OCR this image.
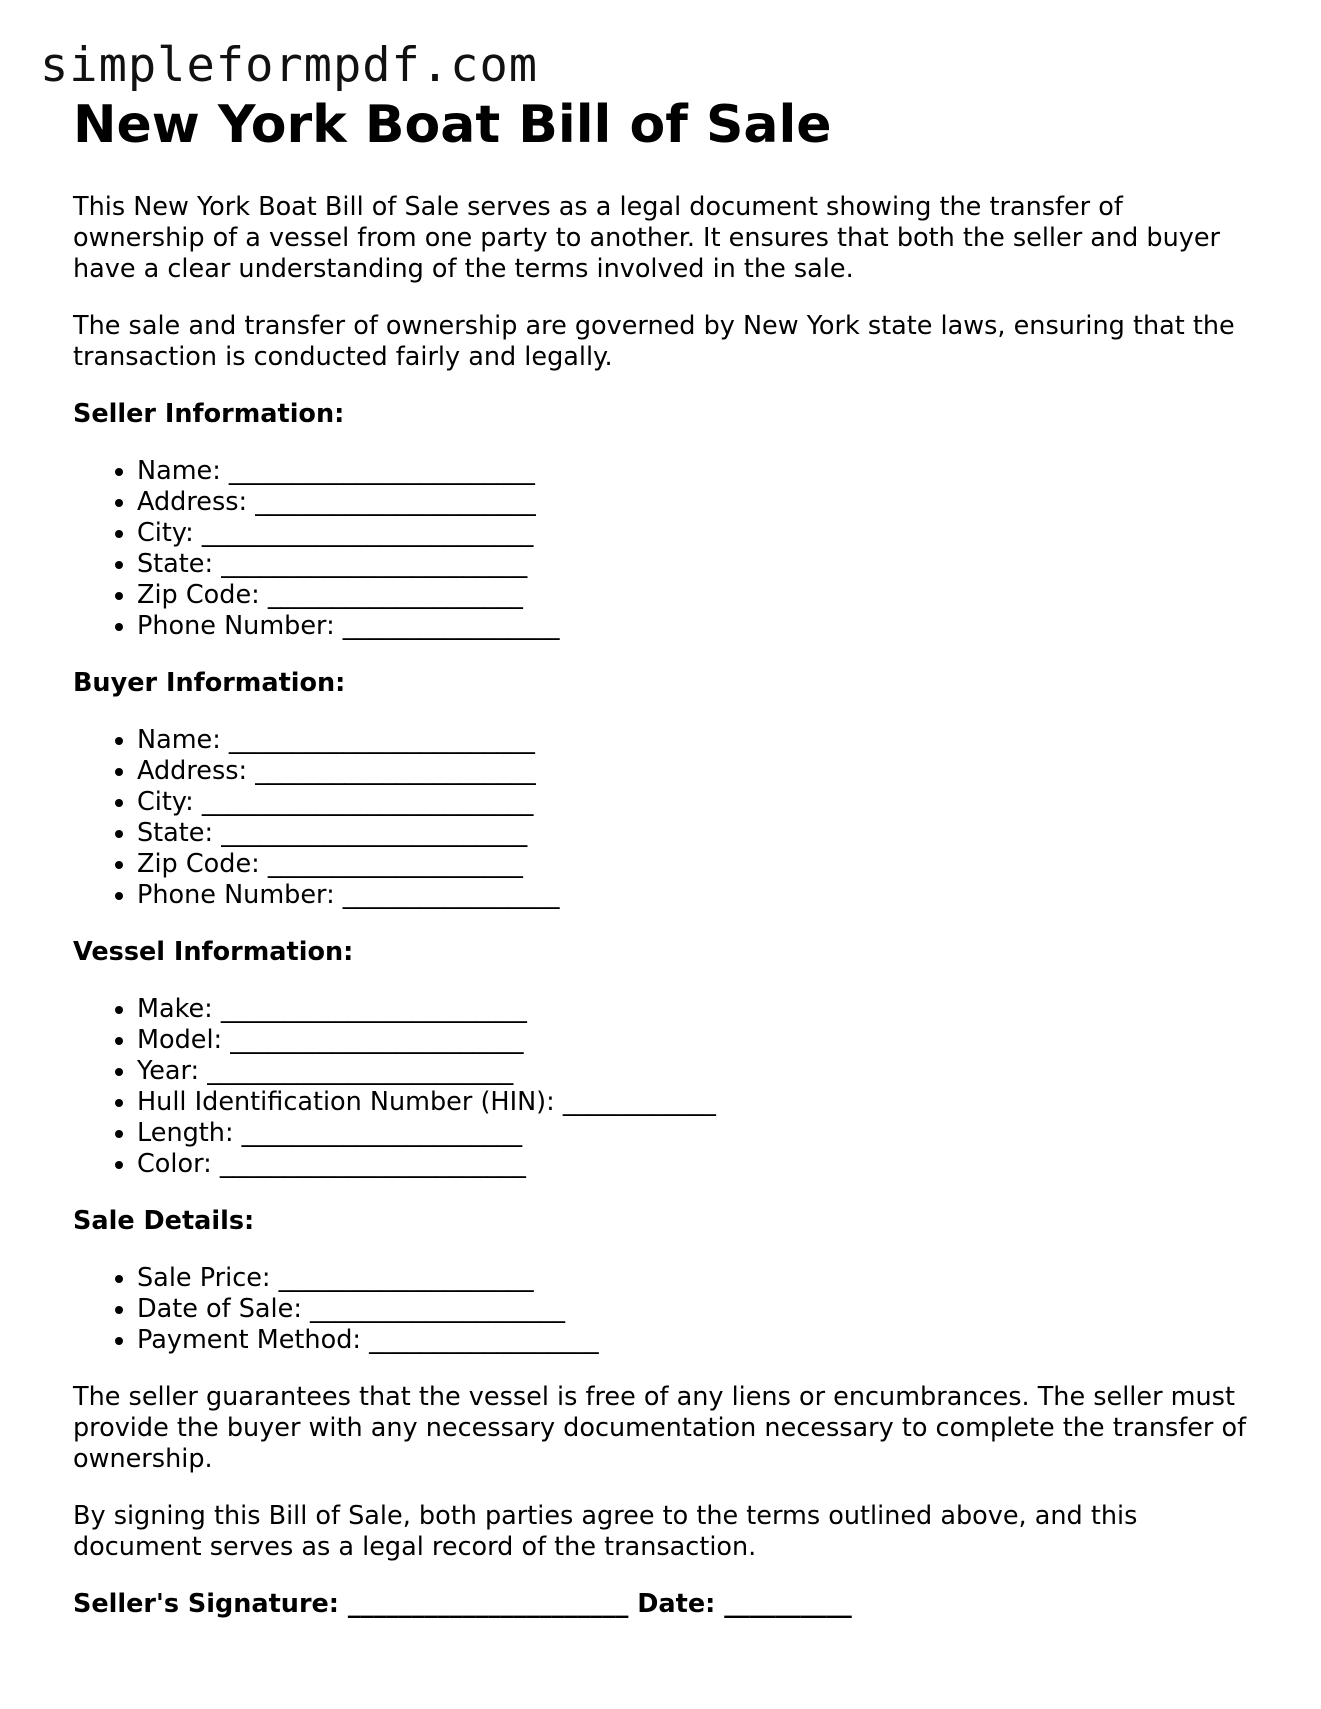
simpleformpdf.com
New York Boat Bill of Sale

This New York Boat Bill of Sale serves as a legal document showing the transfer of ownership of a vessel from one party to another. It ensures that both the seller and buyer have a clear understanding of the terms involved in the sale.

The sale and transfer of ownership are governed by New York state laws, ensuring that the transaction is conducted fairly and legally.

Seller Information:
• Name: ________________________
• Address: ______________________
• City: __________________________
• State: ________________________
• Zip Code: ____________________
• Phone Number: _________________
Buyer Information:
• Name: ________________________
• Address: ______________________
• City: __________________________
• State: ________________________
• Zip Code: ____________________
• Phone Number: _________________
Vessel Information:
• Make: ________________________
• Model: _______________________
• Year: ________________________
• Hull Identification Number (HIN): ____________
• Length: ______________________
• Color: ________________________
Sale Details:
• Sale Price: ____________________
• Date of Sale: ____________________
• Payment Method: __________________

The seller guarantees that the vessel is free of any liens or encumbrances. The seller must provide the buyer with any necessary documentation necessary to complete the transfer of ownership.

By signing this Bill of Sale, both parties agree to the terms outlined above, and this document serves as a legal record of the transaction.

Seller's Signature: ______________________ Date: __________
